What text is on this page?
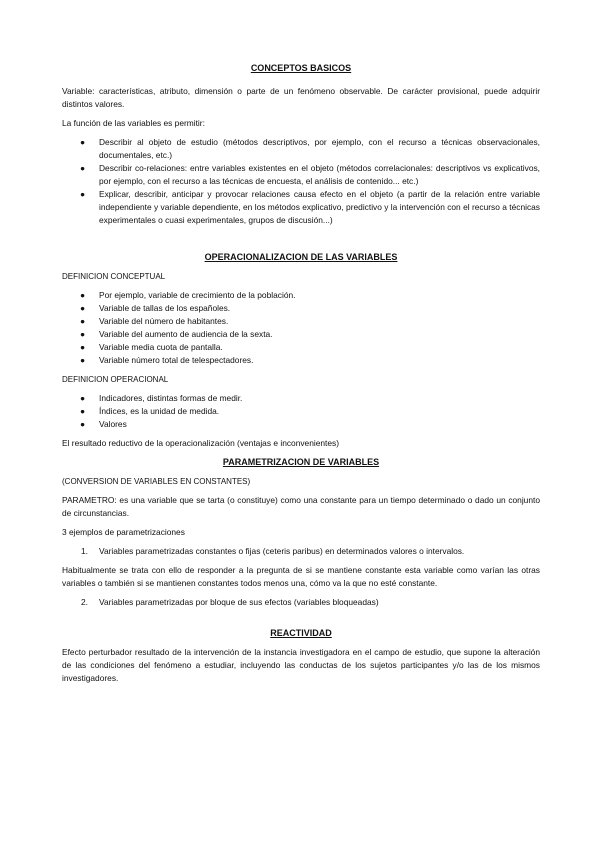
CONCEPTOS BASICOS

Variable: características, atributo, dimensión o parte de un fenómeno observable. De carácter provisional, puede adquirir distintos valores.

La función de las variables es permitir:

● Describir al objeto de estudio (métodos descriptivos, por ejemplo, con el recurso a técnicas observacionales, documentales, etc.)
● Describir co-relaciones: entre variables existentes en el objeto (métodos correlacionales: descriptivos vs explicativos, por ejemplo, con el recurso a las técnicas de encuesta, el análisis de contenido... etc.)
● Explicar, describir, anticipar y provocar relaciones causa efecto en el objeto (a partir de la relación entre variable independiente y variable dependiente, en los métodos explicativo, predictivo y la intervención con el recurso a técnicas experimentales o cuasi experimentales, grupos de discusión...)

OPERACIONALIZACION DE LAS VARIABLES

DEFINICION CONCEPTUAL

● Por ejemplo, variable de crecimiento de la población.
● Variable de tallas de los españoles.
● Variable del número de habitantes.
● Variable del aumento de audiencia de la sexta.
● Variable media cuota de pantalla.
● Variable número total de telespectadores.

DEFINICION OPERACIONAL

● Indicadores, distintas formas de medir.
● Índices, es la unidad de medida.
● Valores

El resultado reductivo de la operacionalización (ventajas e inconvenientes)

PARAMETRIZACION DE VARIABLES

(CONVERSION DE VARIABLES EN CONSTANTES)

PARAMETRO: es una variable que se tarta (o constituye) como una constante para un tiempo determinado o dado un conjunto de circunstancias.

3 ejemplos de parametrizaciones

1. Variables parametrizadas constantes o fijas (ceteris paribus) en determinados valores o intervalos.

Habitualmente se trata con ello de responder a la pregunta de si se mantiene constante esta variable como varían las otras variables o también si se mantienen constantes todos menos una, cómo va la que no esté constante.

2. Variables parametrizadas por bloque de sus efectos (variables bloqueadas)

REACTIVIDAD

Efecto perturbador resultado de la intervención de la instancia investigadora en el campo de estudio, que supone la alteración de las condiciones del fenómeno a estudiar, incluyendo las conductas de los sujetos participantes y/o las de los mismos investigadores.
